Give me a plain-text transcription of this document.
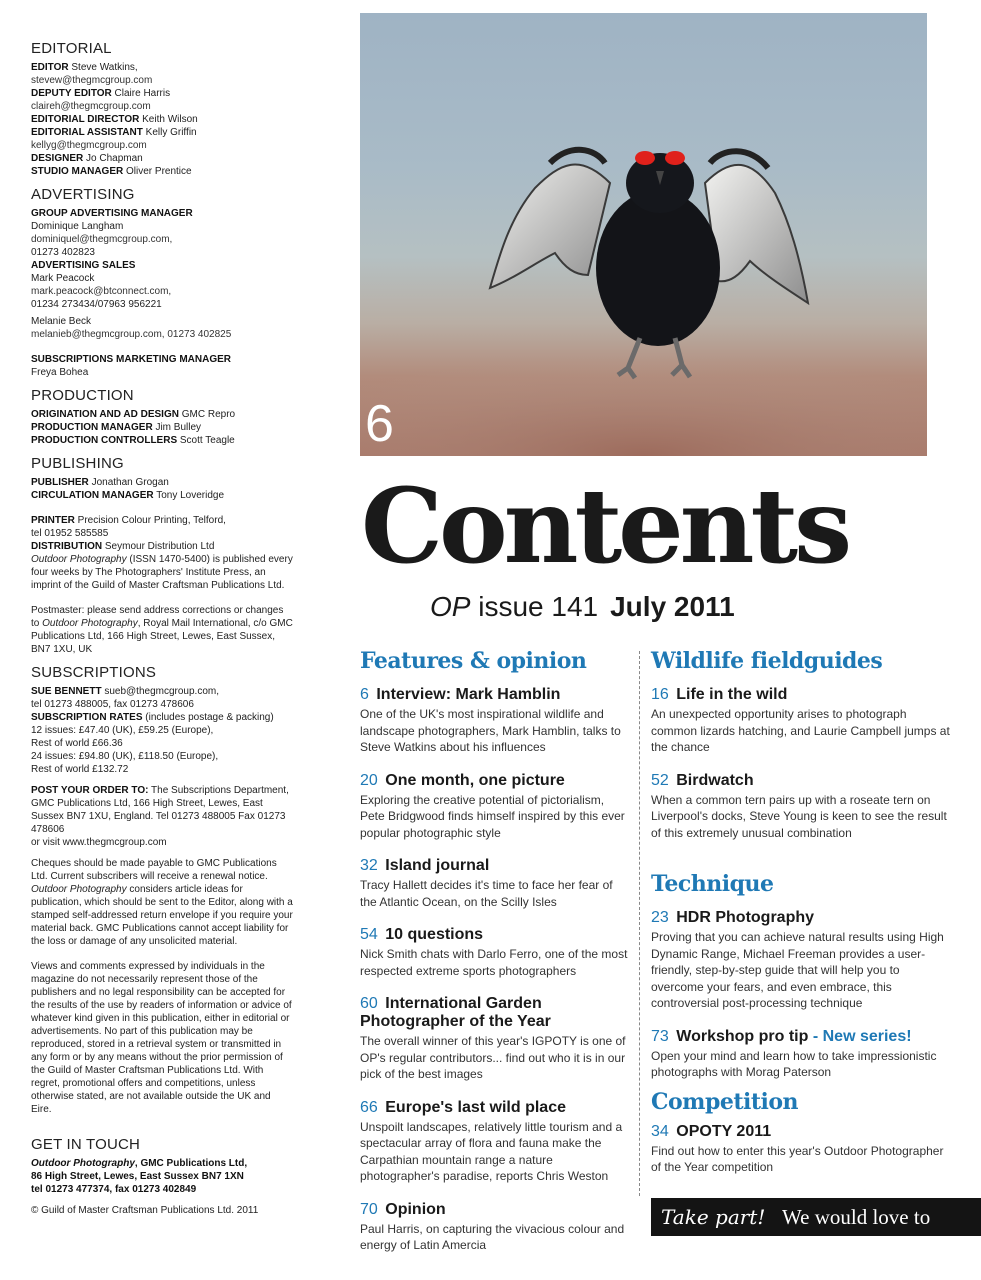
EDITORIAL

EDITOR Steve Watkins,

stevew@thegmcgroup.com

DEPUTY EDITOR Claire Harris

claireh@thegmcgroup.com

EDITORIAL DIRECTOR Keith Wilson

EDITORIAL ASSISTANT Kelly Griffin

kellyg@thegmcgroup.com

DESIGNER Jo Chapman

STUDIO MANAGER Oliver Prentice

ADVERTISING

GROUP ADVERTISING MANAGER

Dominique Langham

dominiquel@thegmcgroup.com,

01273 402823

ADVERTISING SALES

Mark Peacock

mark.peacock@btconnect.com,

01234 273434/07963 956221

Melanie Beck

melanieb@thegmcgroup.com, 01273 402825

SUBSCRIPTIONS MARKETING MANAGER

Freya Bohea

PRODUCTION

ORIGINATION AND AD DESIGN GMC Repro

PRODUCTION MANAGER Jim Bulley

PRODUCTION CONTROLLERS Scott Teagle

PUBLISHING

PUBLISHER Jonathan Grogan

CIRCULATION MANAGER Tony Loveridge

PRINTER Precision Colour Printing, Telford,

tel 01952 585585

DISTRIBUTION Seymour Distribution Ltd

Outdoor Photography (ISSN 1470-5400) is published every four weeks by The Photographers' Institute Press, an imprint of the Guild of Master Craftsman Publications Ltd.

Postmaster: please send address corrections or changes to Outdoor Photography, Royal Mail International, c/o GMC Publications Ltd, 166 High Street, Lewes, East Sussex, BN7 1XU, UK

SUBSCRIPTIONS

SUE BENNETT sueb@thegmcgroup.com,

tel 01273 488005, fax 01273 478606

SUBSCRIPTION RATES (includes postage & packing)

12 issues: £47.40 (UK), £59.25 (Europe),

Rest of world £66.36

24 issues: £94.80 (UK), £118.50 (Europe),

Rest of world £132.72

POST YOUR ORDER TO: The Subscriptions Department, GMC Publications Ltd, 166 High Street, Lewes, East Sussex BN7 1XU, England. Tel 01273 488005 Fax 01273 478606

or visit www.thegmcgroup.com

Cheques should be made payable to GMC Publications Ltd. Current subscribers will receive a renewal notice. Outdoor Photography considers article ideas for publication, which should be sent to the Editor, along with a stamped self-addressed return envelope if you require your material back. GMC Publications cannot accept liability for the loss or damage of any unsolicited material.

Views and comments expressed by individuals in the magazine do not necessarily represent those of the publishers and no legal responsibility can be accepted for the results of the use by readers of information or advice of whatever kind given in this publication, either in editorial or advertisements. No part of this publication may be reproduced, stored in a retrieval system or transmitted in any form or by any means without the prior permission of the Guild of Master Craftsman Publications Ltd. With regret, promotional offers and competitions, unless otherwise stated, are not available outside the UK and Eire.

GET IN TOUCH

Outdoor Photography, GMC Publications Ltd,

86 High Street, Lewes, East Sussex BN7 1XN

tel 01273 477374, fax 01273 402849

© Guild of Master Craftsman Publications Ltd. 2011

6
Contents
OP issue 141 July 2011
Features & opinion
6 Interview: Mark Hamblin
One of the UK's most inspirational wildlife and landscape photographers, Mark Hamblin, talks to Steve Watkins about his influences
20 One month, one picture
Exploring the creative potential of pictorialism, Pete Bridgwood finds himself inspired by this ever popular photographic style
32 Island journal
Tracy Hallett decides it's time to face her fear of the Atlantic Ocean, on the Scilly Isles
54 10 questions
Nick Smith chats with Darlo Ferro, one of the most respected extreme sports photographers
60 International Garden Photographer of the Year
The overall winner of this year's IGPOTY is one of OP's regular contributors... find out who it is in our pick of the best images
66 Europe's last wild place
Unspoilt landscapes, relatively little tourism and a spectacular array of flora and fauna make the Carpathian mountain range a nature photographer's paradise, reports Chris Weston
70 Opinion
Paul Harris, on capturing the vivacious colour and energy of Latin Amercia
Wildlife fieldguides
16 Life in the wild
An unexpected opportunity arises to photograph common lizards hatching, and Laurie Campbell jumps at the chance
52 Birdwatch
When a common tern pairs up with a roseate tern on Liverpool's docks, Steve Young is keen to see the result of this extremely unusual combination
Technique
23 HDR Photography
Proving that you can achieve natural results using High Dynamic Range, Michael Freeman provides a user-friendly, step-by-step guide that will help you to overcome your fears, and even embrace, this controversial post-processing technique
73 Workshop pro tip - New series!
Open your mind and learn how to take impressionistic photographs with Morag Paterson
Competition
34 OPOTY 2011
Find out how to enter this year's Outdoor Photographer of the Year competition
Take part! We would love to
